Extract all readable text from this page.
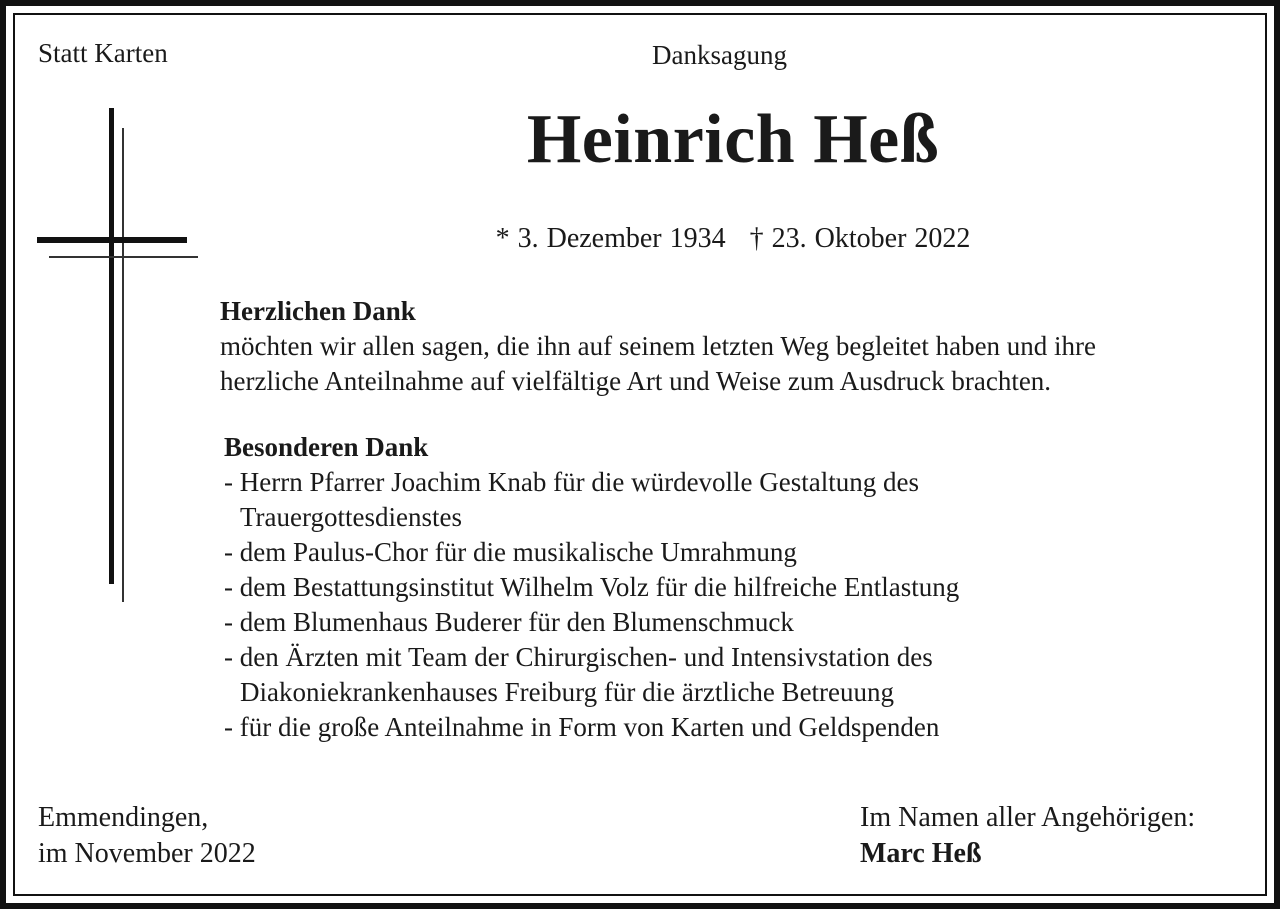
Statt Karten	Danksagung

Heinrich Heß

* 3. Dezember 1934 † 23. Oktober 2022

Herzlichen Dank
möchten wir allen sagen, die ihn auf seinem letzten Weg begleitet haben und ihre
herzliche Anteilnahme auf vielfältige Art und Weise zum Ausdruck brachten.
Besonderen Dank
- Herrn Pfarrer Joachim Knab für die würdevolle Gestaltung des
Trauergottesdienstes
- dem Paulus-Chor für die musikalische Umrahmung
- dem Bestattungsinstitut Wilhelm Volz für die hilfreiche Entlastung
- dem Blumenhaus Buderer für den Blumenschmuck
- den Ärzten mit Team der Chirurgischen- und Intensivstation des
Diakoniekrankenhauses Freiburg für die ärztliche Betreuung
- für die große Anteilnahme in Form von Karten und Geldspenden
Emmendingen,
im November 2022
Im Namen aller Angehörigen:
Marc Heß
